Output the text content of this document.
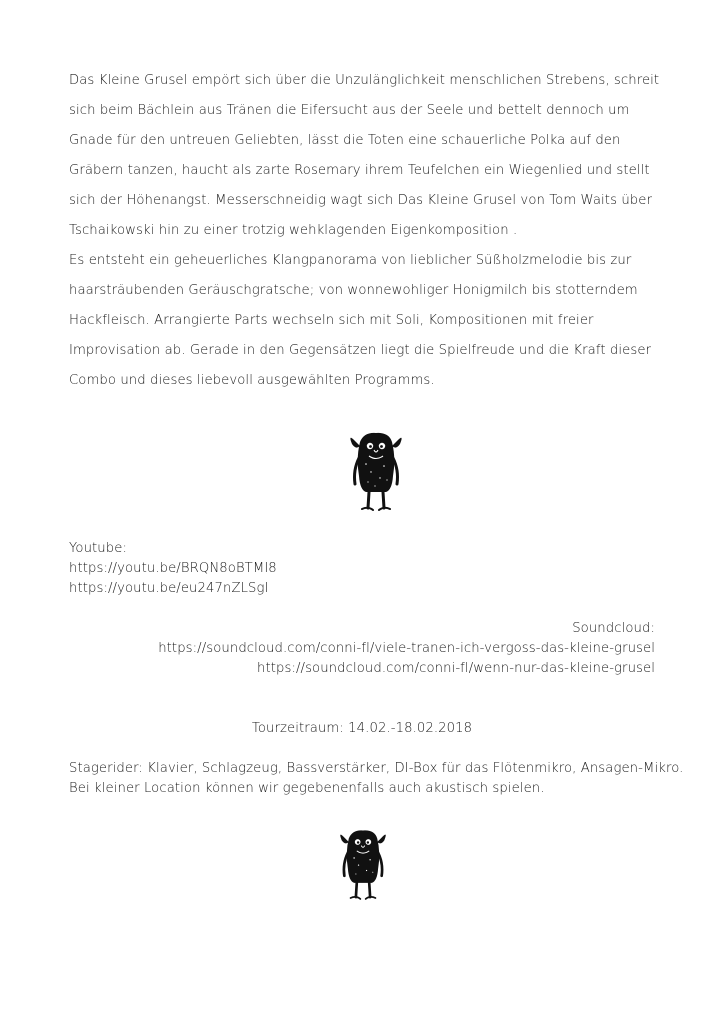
Das Kleine Grusel empört sich über die Unzulänglichkeit menschlichen Strebens, schreit sich beim Bächlein aus Tränen die Eifersucht aus der Seele und bettelt dennoch um Gnade für den untreuen Geliebten, lässt die Toten eine schauerliche Polka auf den Gräbern tanzen, haucht als zarte Rosemary ihrem Teufelchen ein Wiegenlied und stellt sich der Höhenangst. Messerschneidig wagt sich Das Kleine Grusel von Tom Waits über Tschaikowski hin zu einer trotzig wehklagenden Eigenkomposition .

Es entsteht ein geheuerliches Klangpanorama von lieblicher Süßholzmelodie bis zur haarsträubenden Geräuschgratsche; von wonnewohliger Honigmilch bis stotterndem Hackfleisch. Arrangierte Parts wechseln sich mit Soli, Kompositionen mit freier Improvisation ab. Gerade in den Gegensätzen liegt die Spielfreude und die Kraft dieser Combo und dieses liebevoll ausgewählten Programms.

Youtube:
https://youtu.be/BRQN8oBTMI8
https://youtu.be/eu247nZLSgI
Soundcloud:
https://soundcloud.com/conni-fl/viele-tranen-ich-vergoss-das-kleine-grusel
https://soundcloud.com/conni-fl/wenn-nur-das-kleine-grusel
Tourzeitraum: 14.02.-18.02.2018
Stagerider: Klavier, Schlagzeug, Bassverstärker, DI-Box für das Flötenmikro, Ansagen-Mikro.
Bei kleiner Location können wir gegebenenfalls auch akustisch spielen.
